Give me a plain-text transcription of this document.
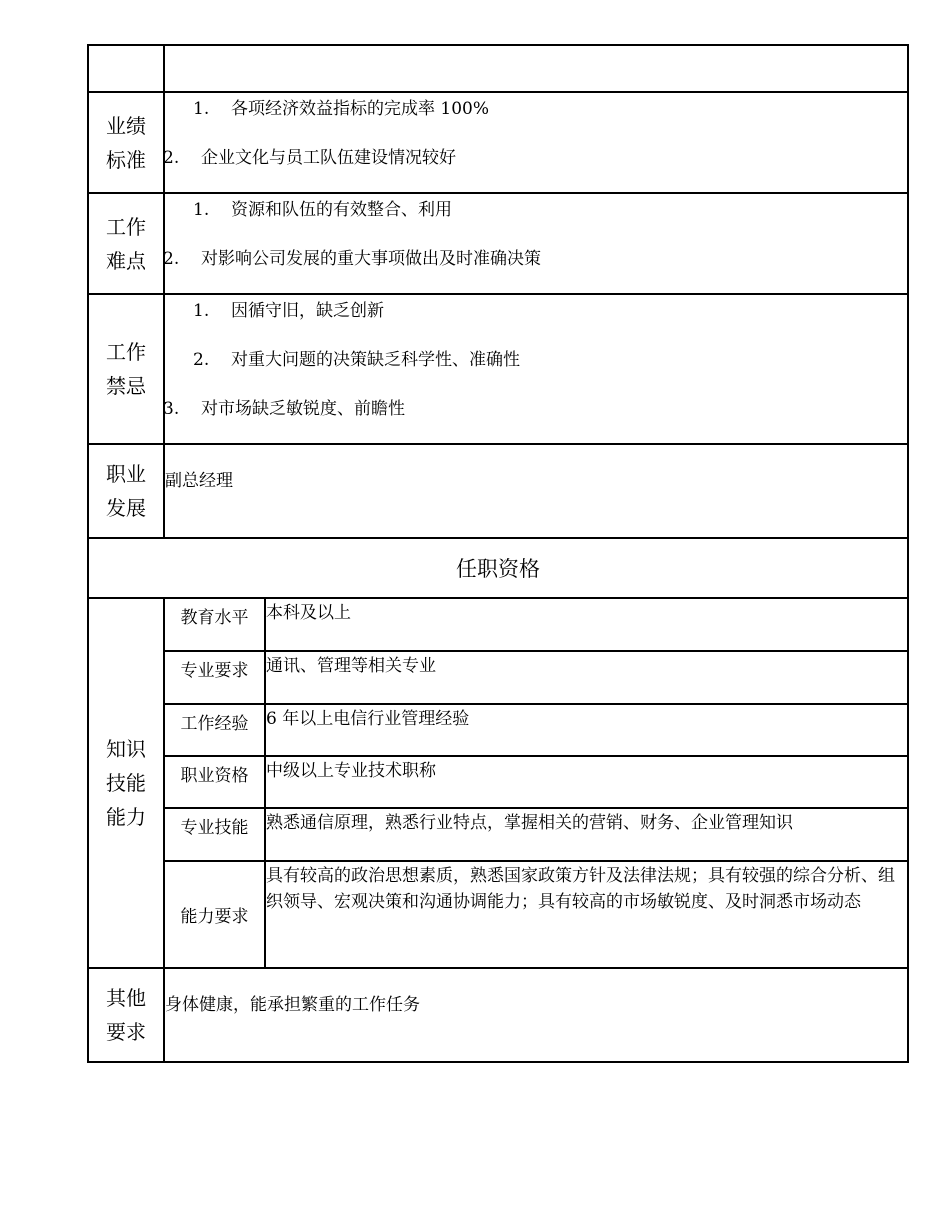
业绩
标准

1. 各项经济效益指标的完成率 100%
2. 企业文化与员工队伍建设情况较好

工作
难点

1. 资源和队伍的有效整合、利用
2. 对影响公司发展的重大事项做出及时准确决策

工作
禁忌

1. 因循守旧，缺乏创新
2. 对重大问题的决策缺乏科学性、准确性
3. 对市场缺乏敏锐度、前瞻性

职业
发展

副总经理

任职资格

知识
技能
能力

教育水平	本科及以上
专业要求	通讯、管理等相关专业
工作经验	6 年以上电信行业管理经验
职业资格	中级以上专业技术职称
专业技能	熟悉通信原理，熟悉行业特点，掌握相关的营销、财务、企业管理知识
能力要求	具有较高的政治思想素质，熟悉国家政策方针及法律法规；具有较强的综合分析、组织领导、宏观决策和沟通协调能力；具有较高的市场敏锐度、及时洞悉市场动态

其他
要求

身体健康，能承担繁重的工作任务
